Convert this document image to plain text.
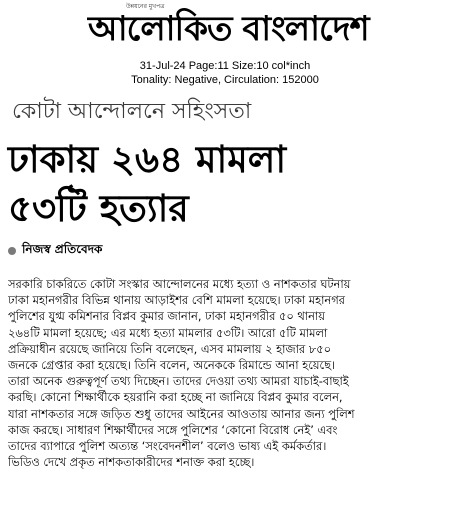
উন্নয়নের মুখপত্র
আলোকিত বাংলাদেশ
31-Jul-24 Page:11 Size:10 col*inch
Tonality: Negative, Circulation: 152000
কোটা আন্দোলনে সহিংসতা
ঢাকায় ২৬৪ মামলা
৫৩টি হত্যার
নিজস্ব প্রতিবেদক
সরকারি চাকরিতে কোটা সংস্কার আন্দোলনের মধ্যে হত্যা ও নাশকতার ঘটনায়
ঢাকা মহানগরীর বিভিন্ন থানায় আড়াইশর বেশি মামলা হয়েছে। ঢাকা মহানগর
পুলিশের যুগ্ম কমিশনার বিপ্লব কুমার জানান, ঢাকা মহানগরীর ৫০ থানায়
২৬৪টি মামলা হয়েছে; এর মধ্যে হত্যা মামলার ৫৩টি। আরো ৫টি মামলা
প্রক্রিয়াধীন রয়েছে জানিয়ে তিনি বলেছেন, এসব মামলায় ২ হাজার ৮৫০
জনকে গ্রেপ্তার করা হয়েছে। তিনি বলেন, অনেককে রিমান্ডে আনা হয়েছে।
তারা অনেক গুরুত্বপূর্ণ তথ্য দিচ্ছেন। তাদের দেওয়া তথ্য আমরা যাচাই-বাছাই
করছি। কোনো শিক্ষার্থীকে হয়রানি করা হচ্ছে না জানিয়ে বিপ্লব কুমার বলেন,
যারা নাশকতার সঙ্গে জড়িত শুধু তাদের আইনের আওতায় আনার জন্য পুলিশ
কাজ করছে। সাধারণ শিক্ষার্থীদের সঙ্গে পুলিশের ‘কোনো বিরোধ নেই’ এবং
তাদের ব্যাপারে পুলিশ অত্যন্ত ‘সংবেদনশীল’ বলেও ভাষ্য এই কর্মকর্তার।
ভিডিও দেখে প্রকৃত নাশকতাকারীদের শনাক্ত করা হচ্ছে।
